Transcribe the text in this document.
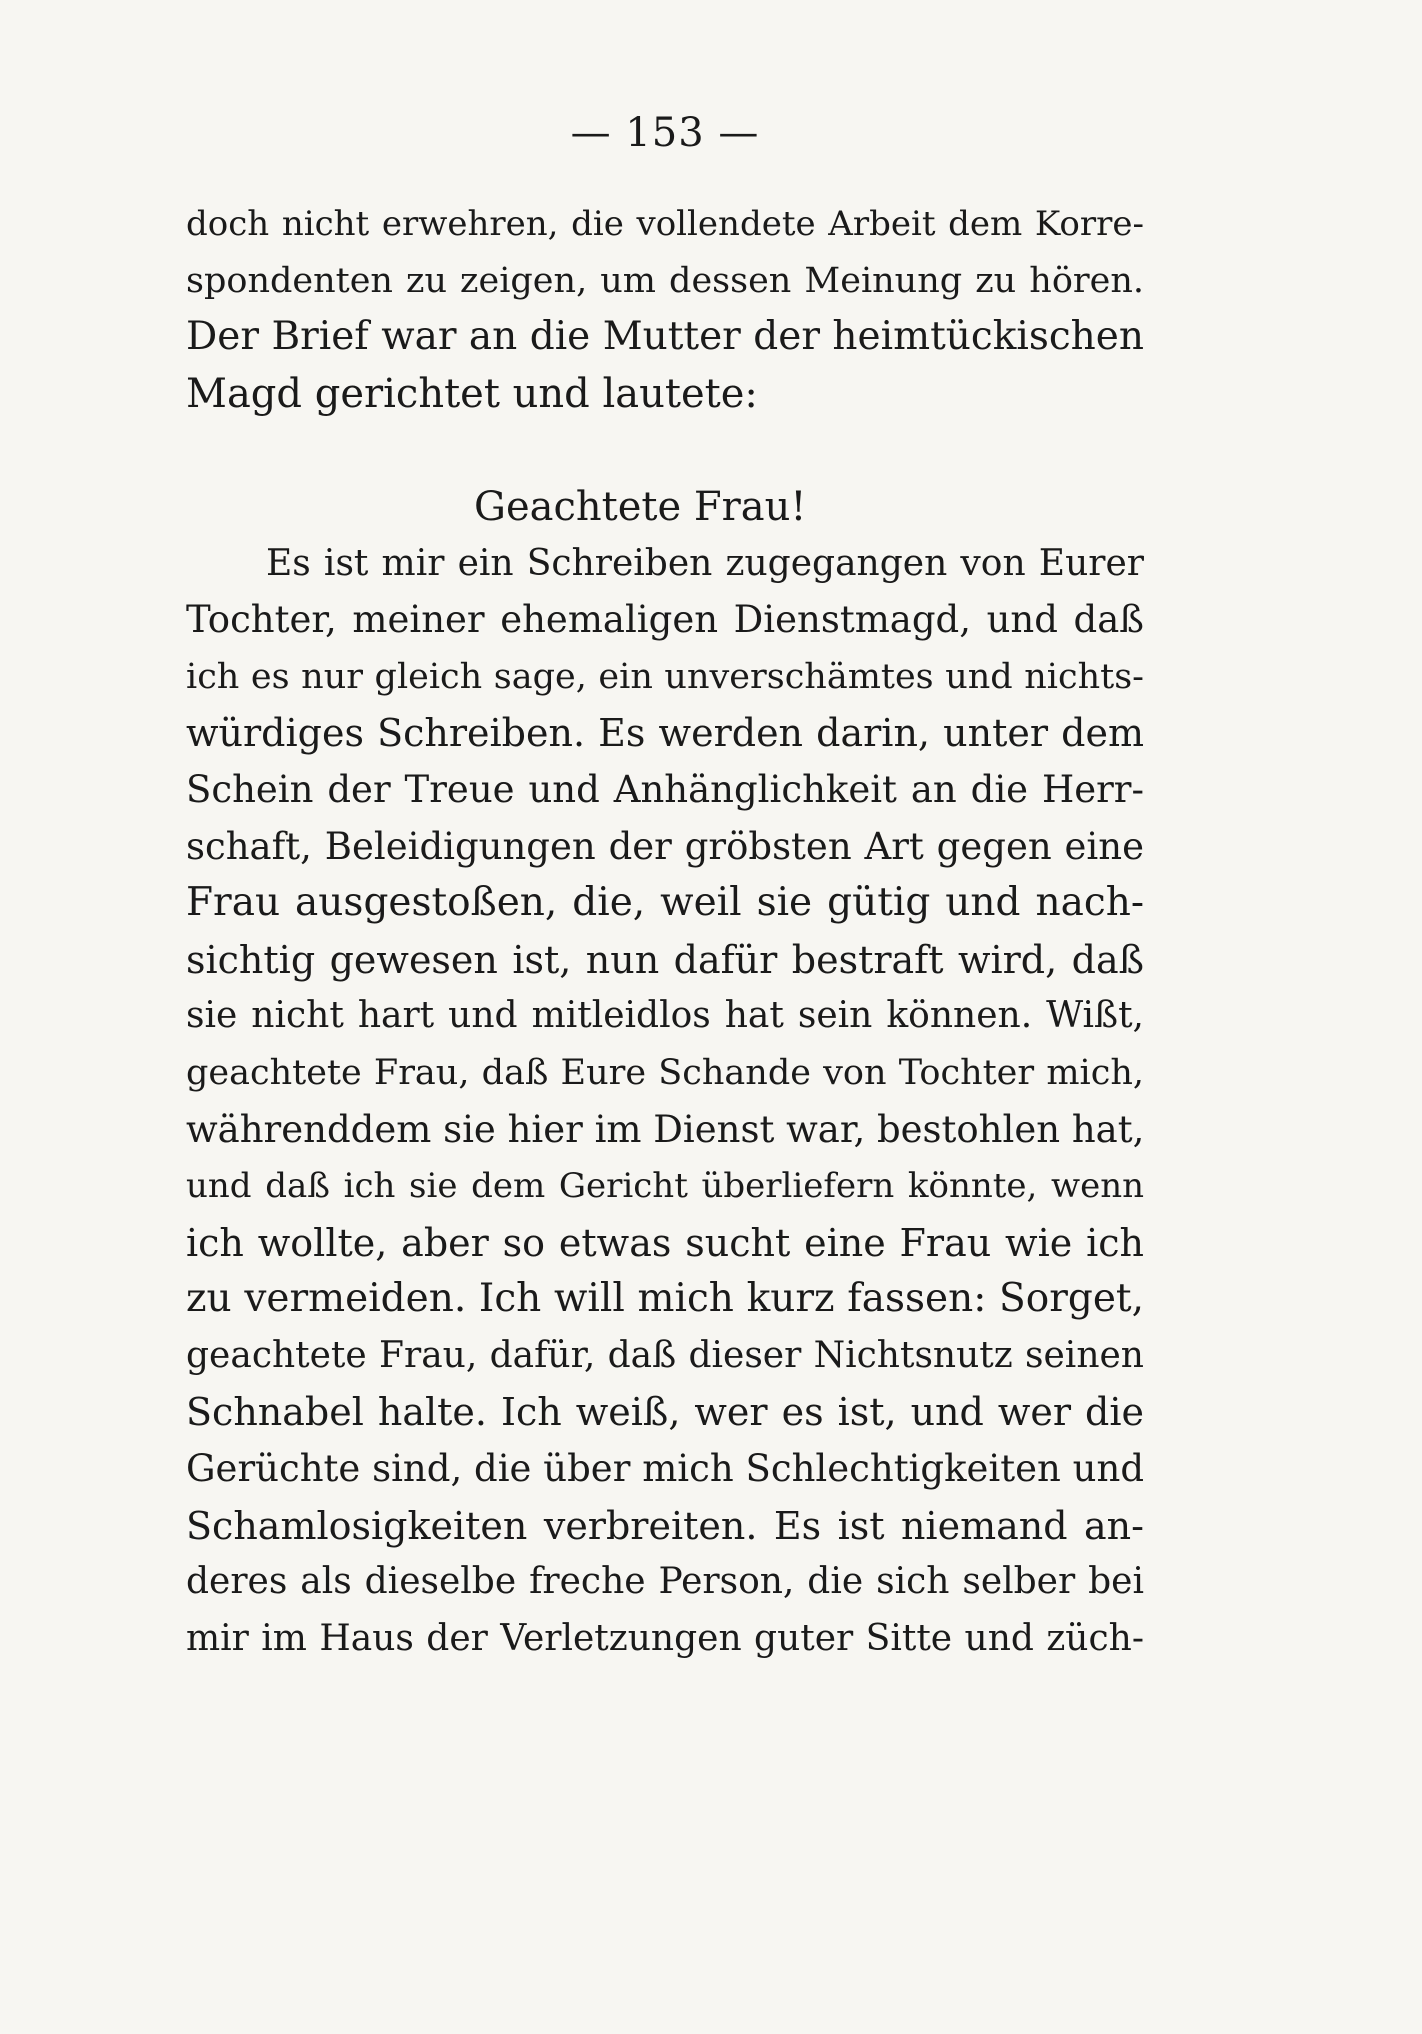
— 153 —
doch nicht erwehren, die vollendete Arbeit dem Korre-
spondenten zu zeigen, um dessen Meinung zu hören.
Der Brief war an die Mutter der heimtückischen
Magd gerichtet und lautete:
Geachtete Frau!
Es ist mir ein Schreiben zugegangen von Eurer
Tochter, meiner ehemaligen Dienstmagd, und daß
ich es nur gleich sage, ein unverschämtes und nichts-
würdiges Schreiben. Es werden darin, unter dem
Schein der Treue und Anhänglichkeit an die Herr-
schaft, Beleidigungen der gröbsten Art gegen eine
Frau ausgestoßen, die, weil sie gütig und nach-
sichtig gewesen ist, nun dafür bestraft wird, daß
sie nicht hart und mitleidlos hat sein können. Wißt,
geachtete Frau, daß Eure Schande von Tochter mich,
währenddem sie hier im Dienst war, bestohlen hat,
und daß ich sie dem Gericht überliefern könnte, wenn
ich wollte, aber so etwas sucht eine Frau wie ich
zu vermeiden. Ich will mich kurz fassen: Sorget,
geachtete Frau, dafür, daß dieser Nichtsnutz seinen
Schnabel halte. Ich weiß, wer es ist, und wer die
Gerüchte sind, die über mich Schlechtigkeiten und
Schamlosigkeiten verbreiten. Es ist niemand an-
deres als dieselbe freche Person, die sich selber bei
mir im Haus der Verletzungen guter Sitte und züch-
